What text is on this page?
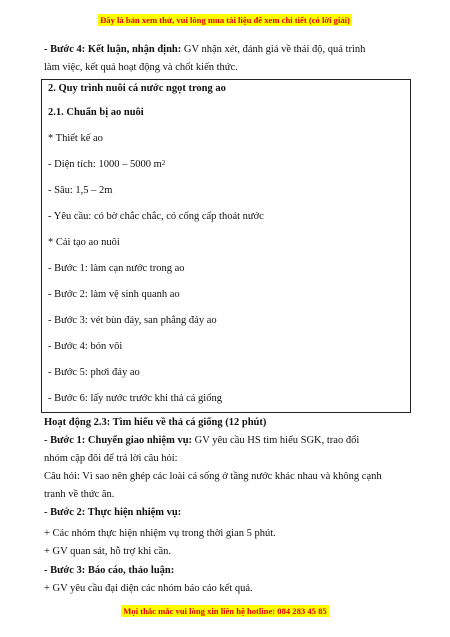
Đây là bản xem thử, vui lòng mua tài liệu để xem chi tiết (có lời giải)
- Bước 4: Kết luận, nhận định: GV nhận xét, đánh giá về thái độ, quá trình
làm việc, kết quả hoạt động và chốt kiến thức.
2. Quy trình nuôi cá nước ngọt trong ao
2.1. Chuẩn bị ao nuôi
* Thiết kế ao
- Diện tích: 1000 – 5000 $m^2$
- Sâu: 1,5 – 2m
- Yêu cầu: có bờ chắc chắc, có cống cấp thoát nước
* Cải tạo ao nuôi
- Bước 1: làm cạn nước trong ao
- Bước 2: làm vệ sinh quanh ao
- Bước 3: vét bùn đáy, san phẳng đáy ao
- Bước 4: bón vôi
- Bước 5: phơi đáy ao
- Bước 6: lấy nước trước khi thả cá giống
Hoạt động 2.3: Tìm hiểu về thả cá giống (12 phút)
- Bước 1: Chuyển giao nhiệm vụ: GV yêu cầu HS tìm hiểu SGK, trao đổi
nhóm cặp đôi để trả lời câu hỏi:
Câu hỏi: Vì sao nên ghép các loài cá sống ở tầng nước khác nhau và không cạnh
tranh về thức ăn.
- Bước 2: Thực hiện nhiệm vụ:
+ Các nhóm thực hiện nhiệm vụ trong thời gian 5 phút.
+ GV quan sát, hỗ trợ khi cần.
- Bước 3: Báo cáo, thảo luận:
+ GV yêu cầu đại diện các nhóm báo cáo kết quả.
Mọi thắc mắc vui lòng xin liên hệ hotline: 084 283 45 85
